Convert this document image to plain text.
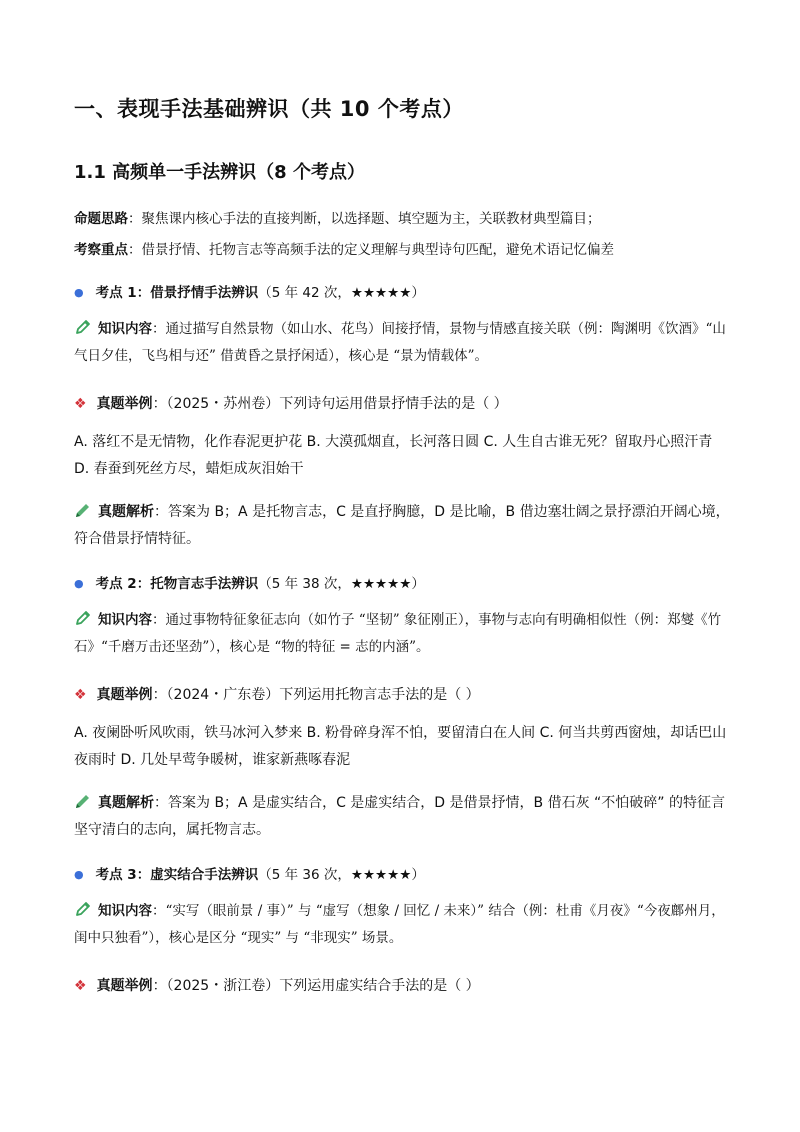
一、表现手法基础辨识（共 10 个考点）
1.1 高频单一手法辨识（8 个考点）
命题思路：聚焦课内核心手法的直接判断，以选择题、填空题为主，关联教材典型篇目；
考察重点：借景抒情、托物言志等高频手法的定义理解与典型诗句匹配，避免术语记忆偏差
● 考点 1：借景抒情手法辨识（5 年 42 次，★★★★★）
知识内容：通过描写自然景物（如山水、花鸟）间接抒情，景物与情感直接关联（例：陶渊明《饮酒》“山气日夕佳，飞鸟相与还” 借黄昏之景抒闲适），核心是 “景为情载体”。
❖ 真题举例：（2025・苏州卷）下列诗句运用借景抒情手法的是（ ）
A. 落红不是无情物，化作春泥更护花 B. 大漠孤烟直，长河落日圆 C. 人生自古谁无死？留取丹心照汗青 D. 春蚕到死丝方尽，蜡炬成灰泪始干
真题解析：答案为 B；A 是托物言志，C 是直抒胸臆，D 是比喻，B 借边塞壮阔之景抒漂泊开阔心境，符合借景抒情特征。
● 考点 2：托物言志手法辨识（5 年 38 次，★★★★★）
知识内容：通过事物特征象征志向（如竹子 “坚韧” 象征刚正），事物与志向有明确相似性（例：郑燮《竹石》“千磨万击还坚劲”），核心是 “物的特征 = 志的内涵”。
❖ 真题举例：（2024・广东卷）下列运用托物言志手法的是（ ）
A. 夜阑卧听风吹雨，铁马冰河入梦来 B. 粉骨碎身浑不怕，要留清白在人间 C. 何当共剪西窗烛，却话巴山夜雨时 D. 几处早莺争暖树，谁家新燕啄春泥
真题解析：答案为 B；A 是虚实结合，C 是虚实结合，D 是借景抒情，B 借石灰 “不怕破碎” 的特征言坚守清白的志向，属托物言志。
● 考点 3：虚实结合手法辨识（5 年 36 次，★★★★★）
知识内容：“实写（眼前景 / 事）” 与 “虚写（想象 / 回忆 / 未来）” 结合（例：杜甫《月夜》“今夜鄜州月，闺中只独看”），核心是区分 “现实” 与 “非现实” 场景。
❖ 真题举例：（2025・浙江卷）下列运用虚实结合手法的是（ ）
